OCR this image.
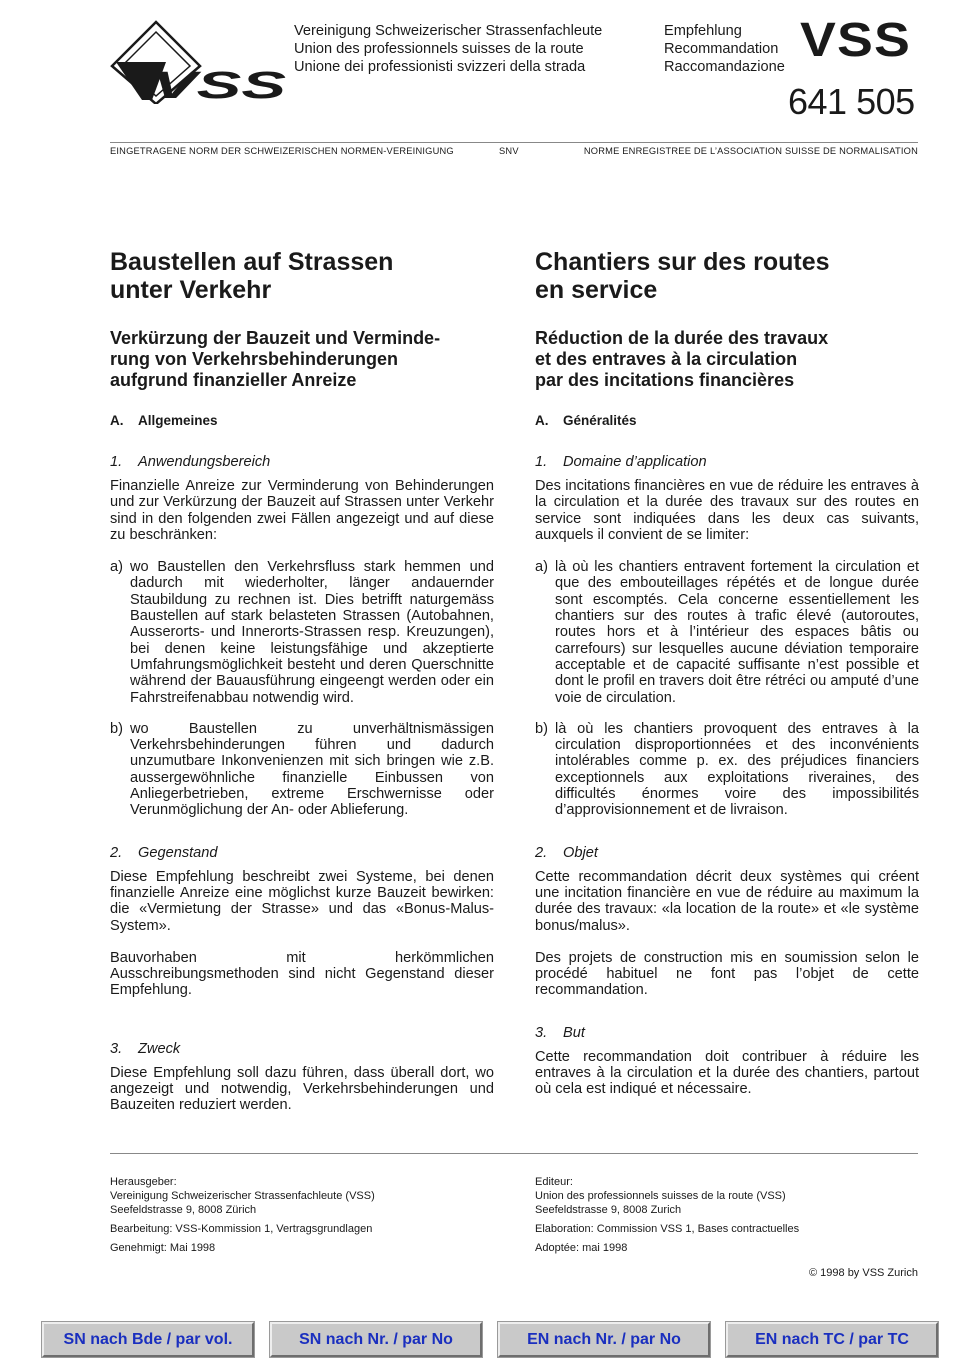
VSS
Vereinigung Schweizerischer Strassenfachleute
Union des professionnels suisses de la route
Unione dei professionisti svizzeri della strada
Empfehlung
Recommandation
Raccomandazione VSS
641 505
EINGETRAGENE NORM DER SCHWEIZERISCHEN NORMEN-VEREINIGUNG	SNV	NORME ENREGISTREE DE L’ASSOCIATION SUISSE DE NORMALISATION
Baustellen auf Strassen
unter Verkehr
Verkürzung der Bauzeit und Verminde-
rung von Verkehrsbehinderungen
aufgrund finanzieller Anreize
A. Allgemeines
1. Anwendungsbereich
Finanzielle Anreize zur Verminderung von Behinderungen und zur Verkürzung der Bauzeit auf Strassen unter Verkehr sind in den folgenden zwei Fällen angezeigt und auf diese zu beschränken:
a) wo Baustellen den Verkehrsfluss stark hemmen und dadurch mit wiederholter, länger andauernder Staubildung zu rechnen ist. Dies betrifft naturgemäss Baustellen auf stark belasteten Strassen (Autobahnen, Ausserorts- und Innerorts-Strassen resp. Kreuzungen), bei denen keine leistungsfähige und akzeptierte Umfahrungsmöglichkeit besteht und deren Querschnitte während der Bauausführung eingeengt werden oder ein Fahrstreifenabbau notwendig wird.
b) wo Baustellen zu unverhältnismässigen Verkehrsbehinderungen führen und dadurch unzumutbare Inkonvenienzen mit sich bringen wie z.B. aussergewöhnliche finanzielle Einbussen von Anliegerbetrieben, extreme Erschwernisse oder Verunmöglichung der An- oder Ablieferung.
2. Gegenstand
Diese Empfehlung beschreibt zwei Systeme, bei denen finanzielle Anreize eine möglichst kurze Bauzeit bewirken: die «Vermietung der Strasse» und das «Bonus-Malus-System».
Bauvorhaben mit herkömmlichen Ausschreibungsmethoden sind nicht Gegenstand dieser Empfehlung.
3. Zweck
Diese Empfehlung soll dazu führen, dass überall dort, wo angezeigt und notwendig, Verkehrsbehinderungen und Bauzeiten reduziert werden.
Chantiers sur des routes
en service
Réduction de la durée des travaux
et des entraves à la circulation
par des incitations financières
A. Généralités
1. Domaine d’application
Des incitations financières en vue de réduire les entraves à la circulation et la durée des travaux sur des routes en service sont indiquées dans les deux cas suivants, auxquels il convient de se limiter:
a) là où les chantiers entravent fortement la circulation et que des embouteillages répétés et de longue durée sont escomptés. Cela concerne essentiellement les chantiers sur des routes à trafic élevé (autoroutes, routes hors et à l’intérieur des espaces bâtis ou carrefours) sur lesquelles aucune déviation temporaire acceptable et de capacité suffisante n’est possible et dont le profil en travers doit être rétréci ou amputé d’une voie de circulation.
b) là où les chantiers provoquent des entraves à la circulation disproportionnées et des inconvénients intolérables comme p. ex. des préjudices financiers exceptionnels aux exploitations riveraines, des difficultés énormes voire des impossibilités d’approvisionnement et de livraison.
2. Objet
Cette recommandation décrit deux systèmes qui créent une incitation financière en vue de réduire au maximum la durée des travaux: «la location de la route» et «le système bonus/malus».
Des projets de construction mis en soumission selon le procédé habituel ne font pas l’objet de cette recommandation.
3. But
Cette recommandation doit contribuer à réduire les entraves à la circulation et la durée des chantiers, partout où cela est indiqué et nécessaire.
Herausgeber:
Vereinigung Schweizerischer Strassenfachleute (VSS)
Seefeldstrasse 9, 8008 Zürich
Bearbeitung: VSS-Kommission 1, Vertragsgrundlagen
Genehmigt: Mai 1998
Editeur:
Union des professionnels suisses de la route (VSS)
Seefeldstrasse 9, 8008 Zurich
Elaboration: Commission VSS 1, Bases contractuelles
Adoptée: mai 1998
© 1998 by VSS Zurich
SN nach Bde / par vol.	SN nach Nr. / par No	EN nach Nr. / par No	EN nach TC / par TC
